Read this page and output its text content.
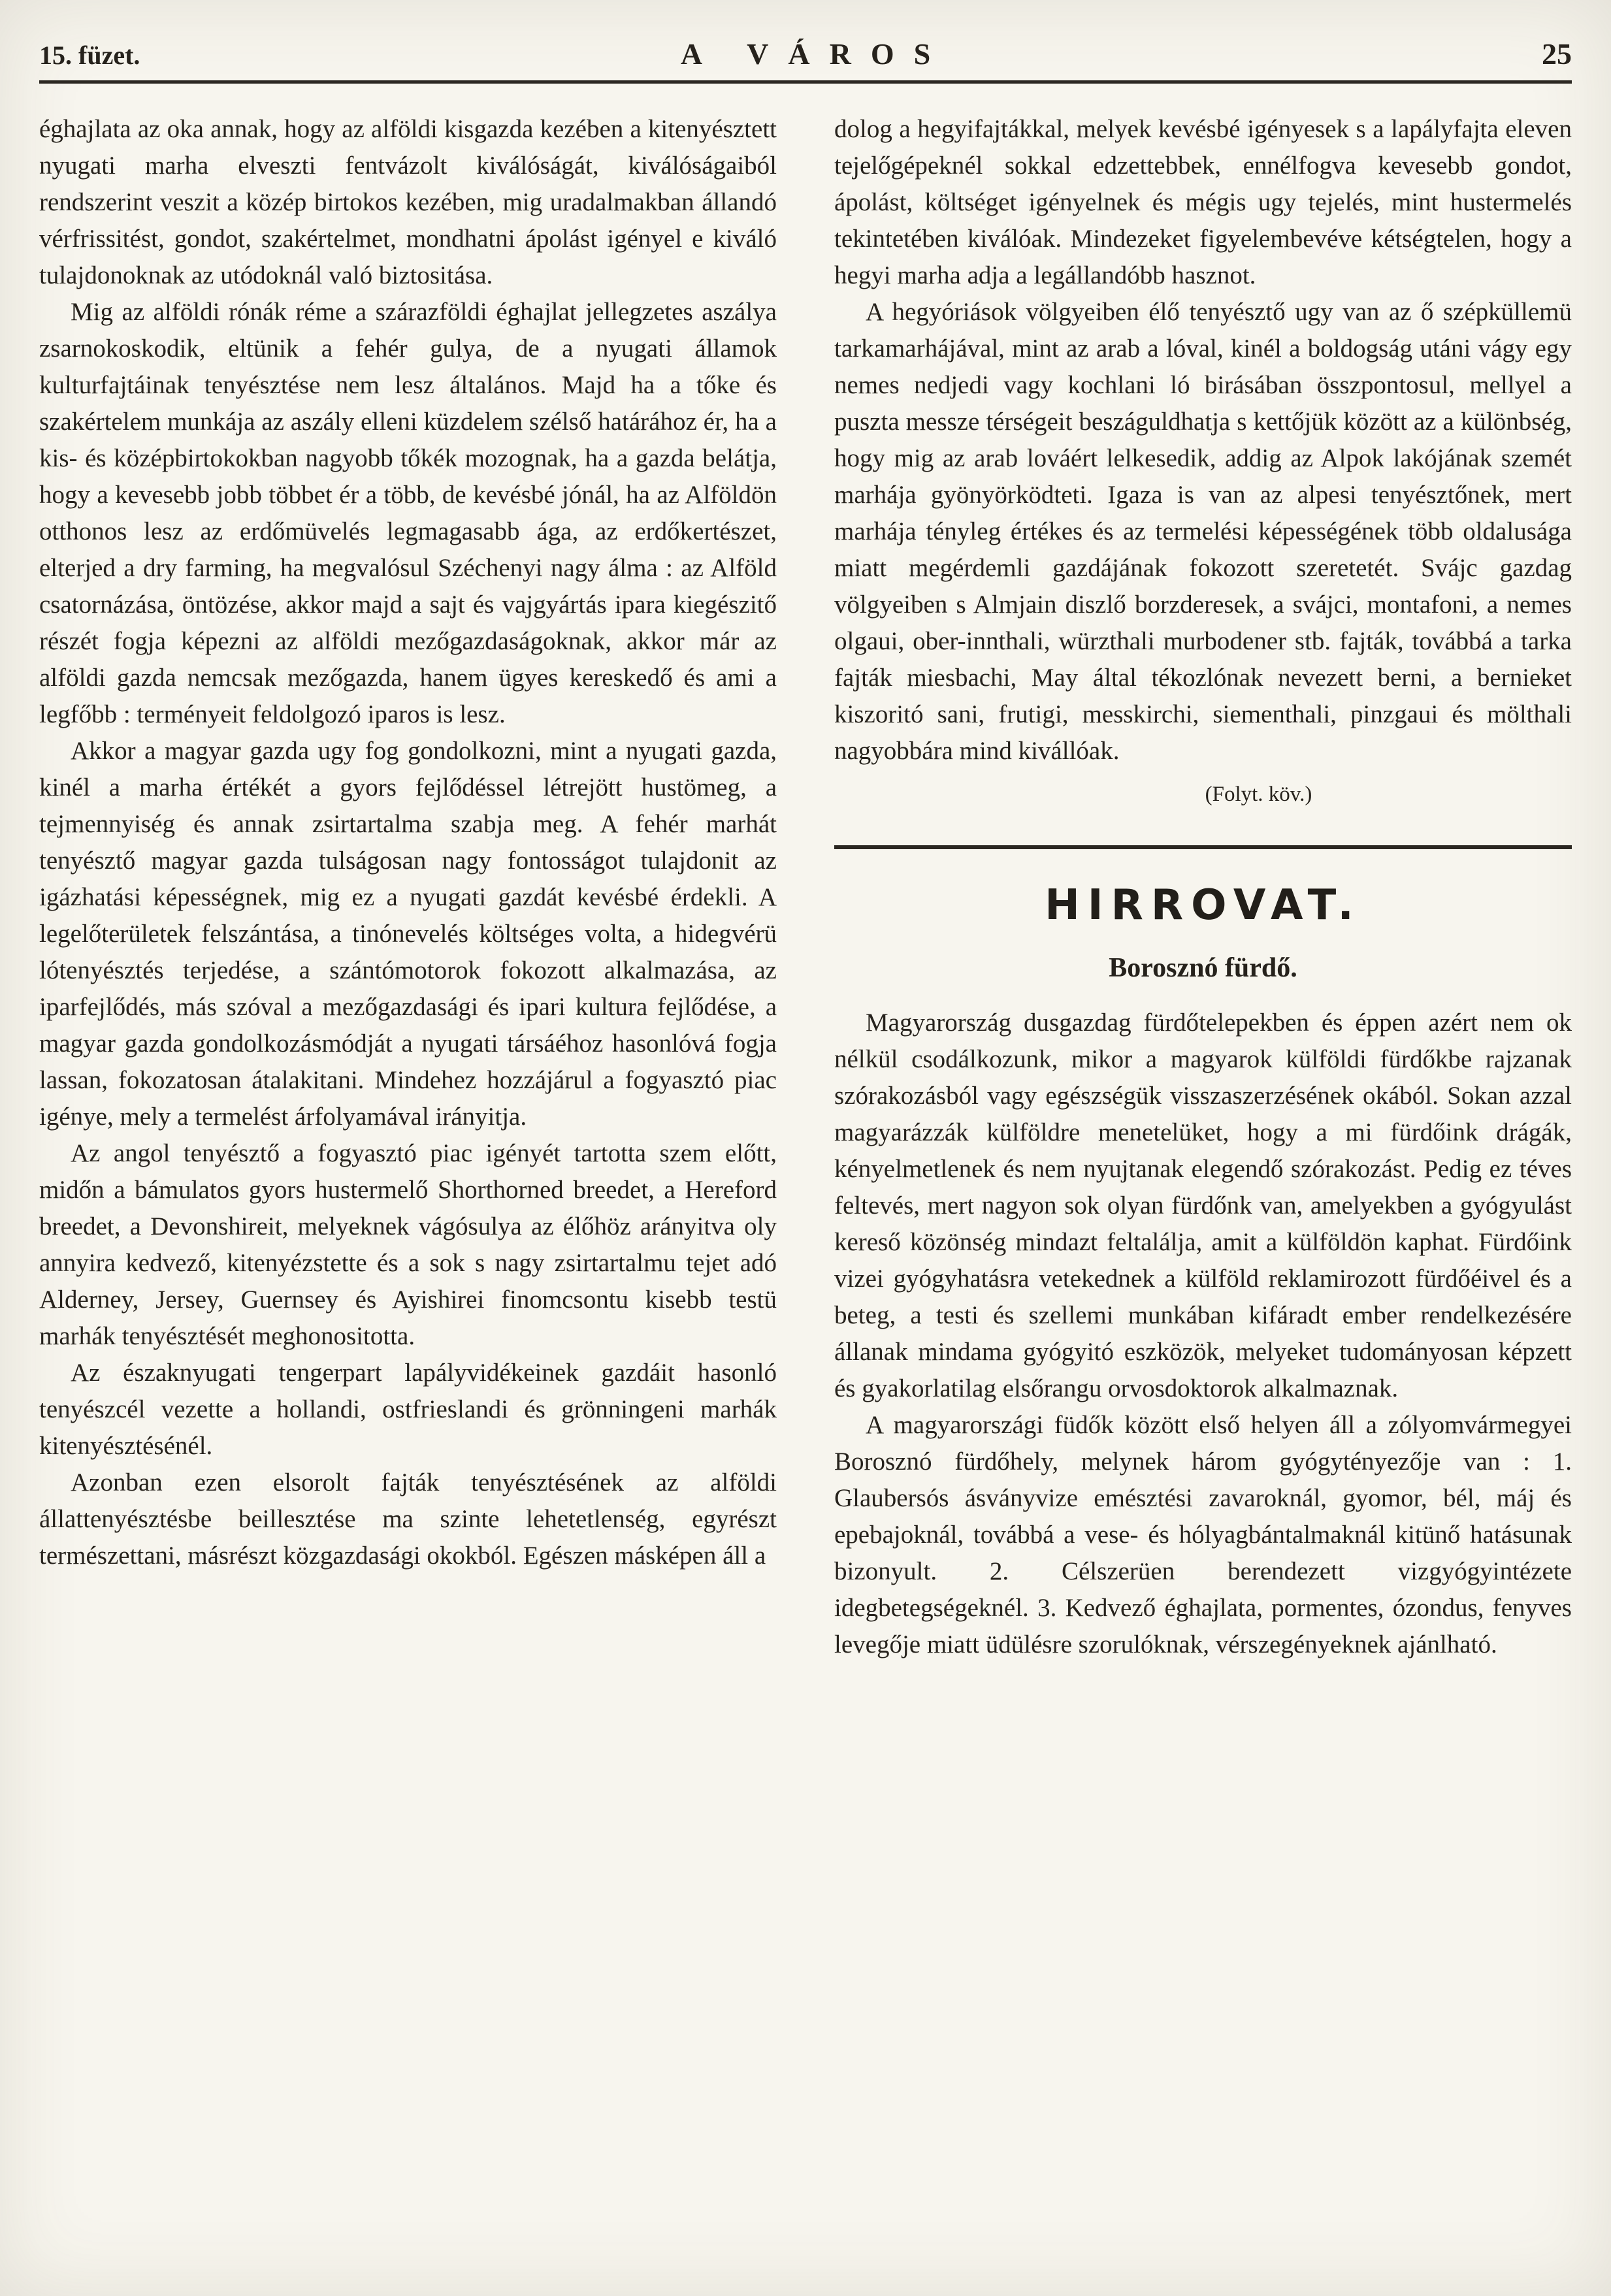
15. füzet.	A VÁROS	25

éghajlata az oka annak, hogy az alföldi kisgazda kezében a kitenyésztett nyugati marha elveszti fentvázolt kiválóságát, kiválóságaiból rendszerint veszit a közép birtokos kezében, mig uradalmakban állandó vérfrissitést, gondot, szakértelmet, mondhatni ápolást igényel e kiváló tulajdonoknak az utódoknál való biztositása.

Mig az alföldi rónák réme a szárazföldi éghajlat jellegzetes aszálya zsarnokoskodik, eltünik a fehér gulya, de a nyugati államok kulturfajtáinak tenyésztése nem lesz általános. Majd ha a tőke és szakértelem munkája az aszály elleni küzdelem szélső határához ér, ha a kis- és középbirtokokban nagyobb tőkék mozognak, ha a gazda belátja, hogy a kevesebb jobb többet ér a több, de kevésbé jónál, ha az Alföldön otthonos lesz az erdőmüvelés legmagasabb ága, az erdőkertészet, elterjed a dry farming, ha megvalósul Széchenyi nagy álma : az Alföld csatornázása, öntözése, akkor majd a sajt és vajgyártás ipara kiegészitő részét fogja képezni az alföldi mezőgazdaságoknak, akkor már az alföldi gazda nemcsak mezőgazda, hanem ügyes kereskedő és ami a legfőbb : terményeit feldolgozó iparos is lesz.

Akkor a magyar gazda ugy fog gondolkozni, mint a nyugati gazda, kinél a marha értékét a gyors fejlődéssel létrejött hustömeg, a tejmennyiség és annak zsirtartalma szabja meg. A fehér marhát tenyésztő magyar gazda tulságosan nagy fontosságot tulajdonit az igázhatási képességnek, mig ez a nyugati gazdát kevésbé érdekli. A legelőterületek felszántása, a tinónevelés költséges volta, a hidegvérü lótenyésztés terjedése, a szántómotorok fokozott alkalmazása, az iparfejlődés, más szóval a mezőgazdasági és ipari kultura fejlődése, a magyar gazda gondolkozásmódját a nyugati társáéhoz hasonlóvá fogja lassan, fokozatosan átalakitani. Mindehez hozzájárul a fogyasztó piac igénye, mely a termelést árfolyamával irányitja.

Az angol tenyésztő a fogyasztó piac igényét tartotta szem előtt, midőn a bámulatos gyors hustermelő Shorthorned breedet, a Hereford breedet, a Devonshireit, melyeknek vágósulya az élőhöz arányitva oly annyira kedvező, kitenyézstette és a sok s nagy zsirtartalmu tejet adó Alderney, Jersey, Guernsey és Ayishirei finomcsontu kisebb testü marhák tenyésztését meghonositotta.

Az északnyugati tengerpart lapályvidékeinek gazdáit hasonló tenyészcél vezette a hollandi, ostfrieslandi és grönningeni marhák kitenyésztésénél.

Azonban ezen elsorolt fajták tenyésztésének az alföldi állattenyésztésbe beillesztése ma szinte lehetetlenség, egyrészt természettani, másrészt közgazdasági okokból. Egészen másképen áll a

dolog a hegyifajtákkal, melyek kevésbé igényesek s a lapályfajta eleven tejelőgépeknél sokkal edzettebbek, ennélfogva kevesebb gondot, ápolást, költséget igényelnek és mégis ugy tejelés, mint hustermelés tekintetében kiválóak. Mindezeket figyelembevéve kétségtelen, hogy a hegyi marha adja a legállandóbb hasznot.

A hegyóriások völgyeiben élő tenyésztő ugy van az ő szépküllemü tarkamarhájával, mint az arab a lóval, kinél a boldogság utáni vágy egy nemes nedjedi vagy kochlani ló birásában összpontosul, mellyel a puszta messze térségeit beszáguldhatja s kettőjük között az a különbség, hogy mig az arab lováért lelkesedik, addig az Alpok lakójának szemét marhája gyönyörködteti. Igaza is van az alpesi tenyésztőnek, mert marhája tényleg értékes és az termelési képességének több oldalusága miatt megérdemli gazdájának fokozott szeretetét. Svájc gazdag völgyeiben s Almjain diszlő borzderesek, a svájci, montafoni, a nemes olgaui, ober-innthali, würzthali murbodener stb. fajták, továbbá a tarka fajták miesbachi, May által tékozlónak nevezett berni, a bernieket kiszoritó sani, frutigi, messkirchi, siementhali, pinzgaui és mölthali nagyobbára mind kivállóak.

(Folyt. köv.)
HIRROVAT.
Borosznó fürdő.

Magyarország dusgazdag fürdőtelepekben és éppen azért nem ok nélkül csodálkozunk, mikor a magyarok külföldi fürdőkbe rajzanak szórakozásból vagy egészségük visszaszerzésének okából. Sokan azzal magyarázzák külföldre menetelüket, hogy a mi fürdőink drágák, kényelmetlenek és nem nyujtanak elegendő szórakozást. Pedig ez téves feltevés, mert nagyon sok olyan fürdőnk van, amelyekben a gyógyulást kereső közönség mindazt feltalálja, amit a külföldön kaphat. Fürdőink vizei gyógyhatásra vetekednek a külföld reklamirozott fürdőéivel és a beteg, a testi és szellemi munkában kifáradt ember rendelkezésére állanak mindama gyógyitó eszközök, melyeket tudományosan képzett és gyakorlatilag elsőrangu orvosdoktorok alkalmaznak.

A magyarországi füdők között első helyen áll a zólyomvármegyei Borosznó fürdőhely, melynek három gyógytényezője van : 1. Glaubersós ásványvize emésztési zavaroknál, gyomor, bél, máj és epebajoknál, továbbá a vese- és hólyagbántalmaknál kitünő hatásunak bizonyult. 2. Célszerüen berendezett vizgyógyintézete idegbetegségeknél. 3. Kedvező éghajlata, pormentes, ózondus, fenyves levegője miatt üdülésre szorulóknak, vérszegényeknek ajánlható.
